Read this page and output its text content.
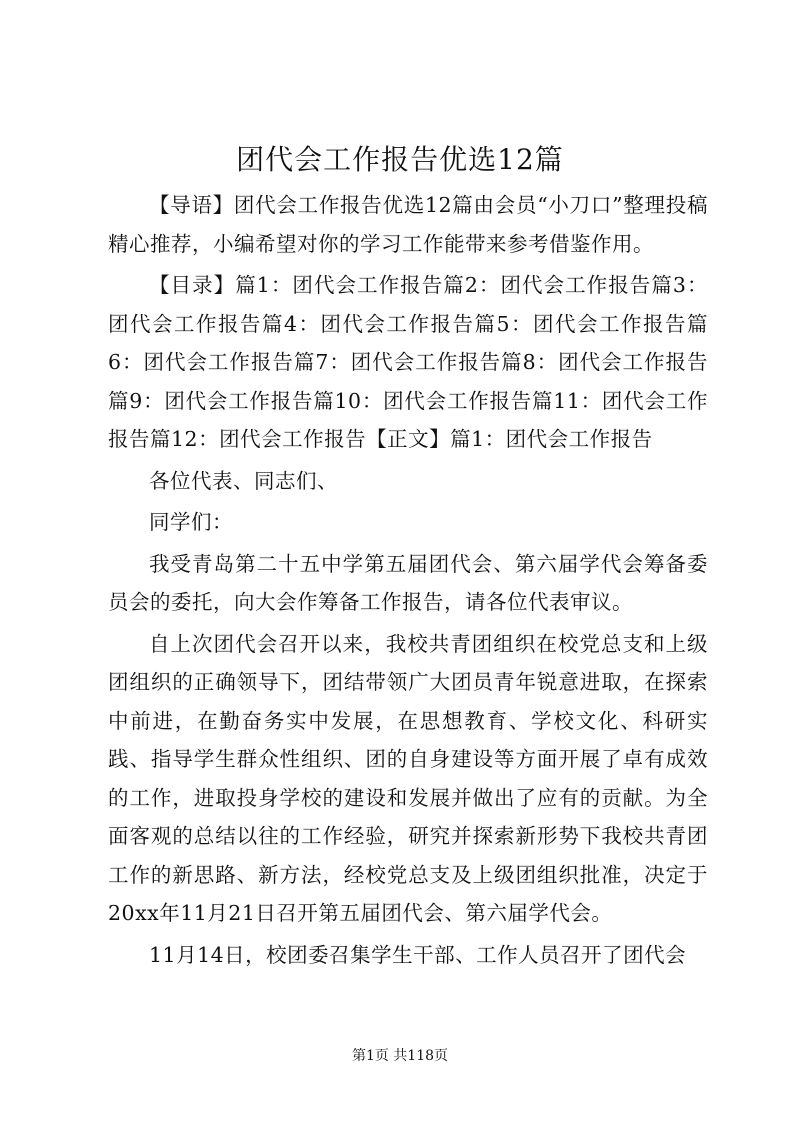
团代会工作报告优选12篇

【导语】团代会工作报告优选12篇由会员“小刀口”整理投稿精心推荐，小编希望对你的学习工作能带来参考借鉴作用。

【目录】篇1：团代会工作报告篇2：团代会工作报告篇3：团代会工作报告篇4：团代会工作报告篇5：团代会工作报告篇6：团代会工作报告篇7：团代会工作报告篇8：团代会工作报告篇9：团代会工作报告篇10：团代会工作报告篇11：团代会工作报告篇12：团代会工作报告【正文】篇1：团代会工作报告

各位代表、同志们、

同学们：

我受青岛第二十五中学第五届团代会、第六届学代会筹备委员会的委托，向大会作筹备工作报告，请各位代表审议。

自上次团代会召开以来，我校共青团组织在校党总支和上级团组织的正确领导下，团结带领广大团员青年锐意进取，在探索中前进，在勤奋务实中发展，在思想教育、学校文化、科研实践、指导学生群众性组织、团的自身建设等方面开展了卓有成效的工作，进取投身学校的建设和发展并做出了应有的贡献。为全面客观的总结以往的工作经验，研究并探索新形势下我校共青团工作的新思路、新方法，经校党总支及上级团组织批准，决定于20xx年11月21日召开第五届团代会、第六届学代会。

11月14日，校团委召集学生干部、工作人员召开了团代会

第1页 共118页
